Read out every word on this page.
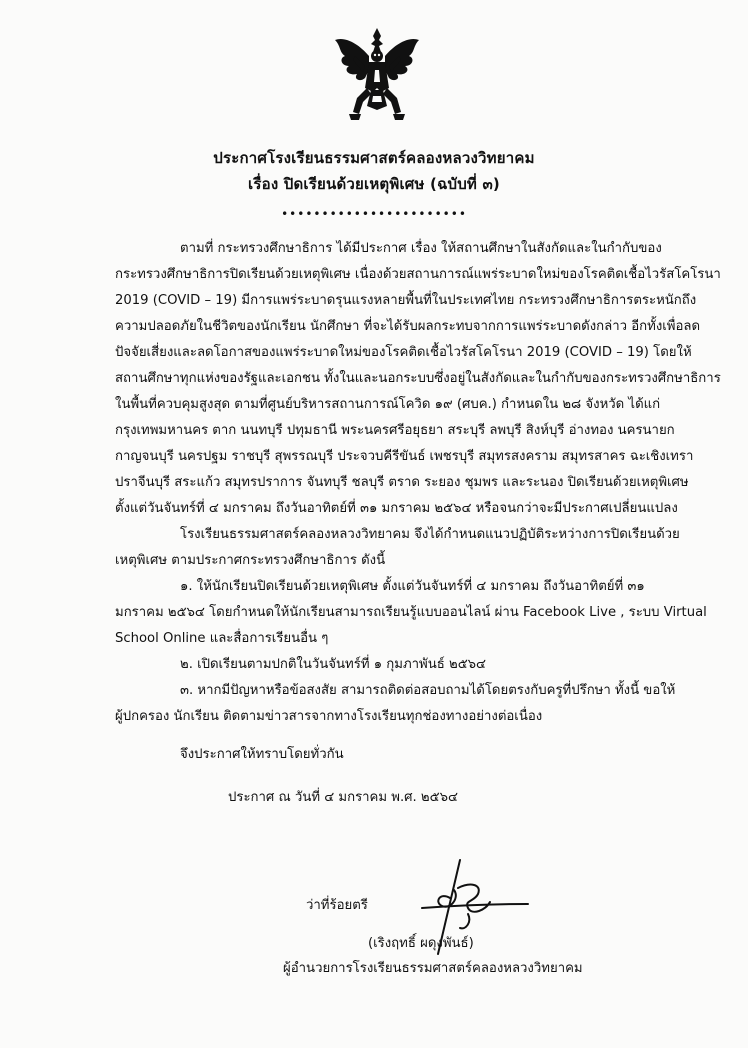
ประกาศโรงเรียนธรรมศาสตร์คลองหลวงวิทยาคม
เรื่อง ปิดเรียนด้วยเหตุพิเศษ (ฉบับที่ ๓)
•••••••••••••••••••••••
ตามที่ กระทรวงศึกษาธิการ ได้มีประกาศ เรื่อง ให้สถานศึกษาในสังกัดและในกำกับของ
กระทรวงศึกษาธิการปิดเรียนด้วยเหตุพิเศษ เนื่องด้วยสถานการณ์แพร่ระบาดใหม่ของโรคติดเชื้อไวรัสโคโรนา
2019 (COVID – 19) มีการแพร่ระบาดรุนแรงหลายพื้นที่ในประเทศไทย กระทรวงศึกษาธิการตระหนักถึง
ความปลอดภัยในชีวิตของนักเรียน นักศึกษา ที่จะได้รับผลกระทบจากการแพร่ระบาดดังกล่าว อีกทั้งเพื่อลด
ปัจจัยเสี่ยงและลดโอกาสของแพร่ระบาดใหม่ของโรคติดเชื้อไวรัสโคโรนา 2019 (COVID – 19) โดยให้
สถานศึกษาทุกแห่งของรัฐและเอกชน ทั้งในและนอกระบบซึ่งอยู่ในสังกัดและในกำกับของกระทรวงศึกษาธิการ
ในพื้นที่ควบคุมสูงสุด ตามที่ศูนย์บริหารสถานการณ์โควิด ๑๙ (ศบค.) กำหนดใน ๒๘ จังหวัด ได้แก่
กรุงเทพมหานคร ตาก นนทบุรี ปทุมธานี พระนครศรีอยุธยา สระบุรี ลพบุรี สิงห์บุรี อ่างทอง นครนายก
กาญจนบุรี นครปฐม ราชบุรี สุพรรณบุรี ประจวบคีรีขันธ์ เพชรบุรี สมุทรสงคราม สมุทรสาคร ฉะเชิงเทรา
ปราจีนบุรี สระแก้ว สมุทรปราการ จันทบุรี ชลบุรี ตราด ระยอง ชุมพร และระนอง ปิดเรียนด้วยเหตุพิเศษ
ตั้งแต่วันจันทร์ที่ ๔ มกราคม ถึงวันอาทิตย์ที่ ๓๑ มกราคม ๒๕๖๔ หรือจนกว่าจะมีประกาศเปลี่ยนแปลง
โรงเรียนธรรมศาสตร์คลองหลวงวิทยาคม จึงได้กำหนดแนวปฏิบัติระหว่างการปิดเรียนด้วย
เหตุพิเศษ ตามประกาศกระทรวงศึกษาธิการ ดังนี้
๑. ให้นักเรียนปิดเรียนด้วยเหตุพิเศษ ตั้งแต่วันจันทร์ที่ ๔ มกราคม ถึงวันอาทิตย์ที่ ๓๑
มกราคม ๒๕๖๔ โดยกำหนดให้นักเรียนสามารถเรียนรู้แบบออนไลน์ ผ่าน Facebook Live , ระบบ Virtual
School Online และสื่อการเรียนอื่น ๆ
๒. เปิดเรียนตามปกติในวันจันทร์ที่ ๑ กุมภาพันธ์ ๒๕๖๔
๓. หากมีปัญหาหรือข้อสงสัย สามารถติดต่อสอบถามได้โดยตรงกับครูที่ปรึกษา ทั้งนี้ ขอให้
ผู้ปกครอง นักเรียน ติดตามข่าวสารจากทางโรงเรียนทุกช่องทางอย่างต่อเนื่อง
จึงประกาศให้ทราบโดยทั่วกัน
ประกาศ ณ วันที่ ๔ มกราคม พ.ศ. ๒๕๖๔
ว่าที่ร้อยตรี
(เริงฤทธิ์ ผดุงพันธ์)
ผู้อำนวยการโรงเรียนธรรมศาสตร์คลองหลวงวิทยาคม
